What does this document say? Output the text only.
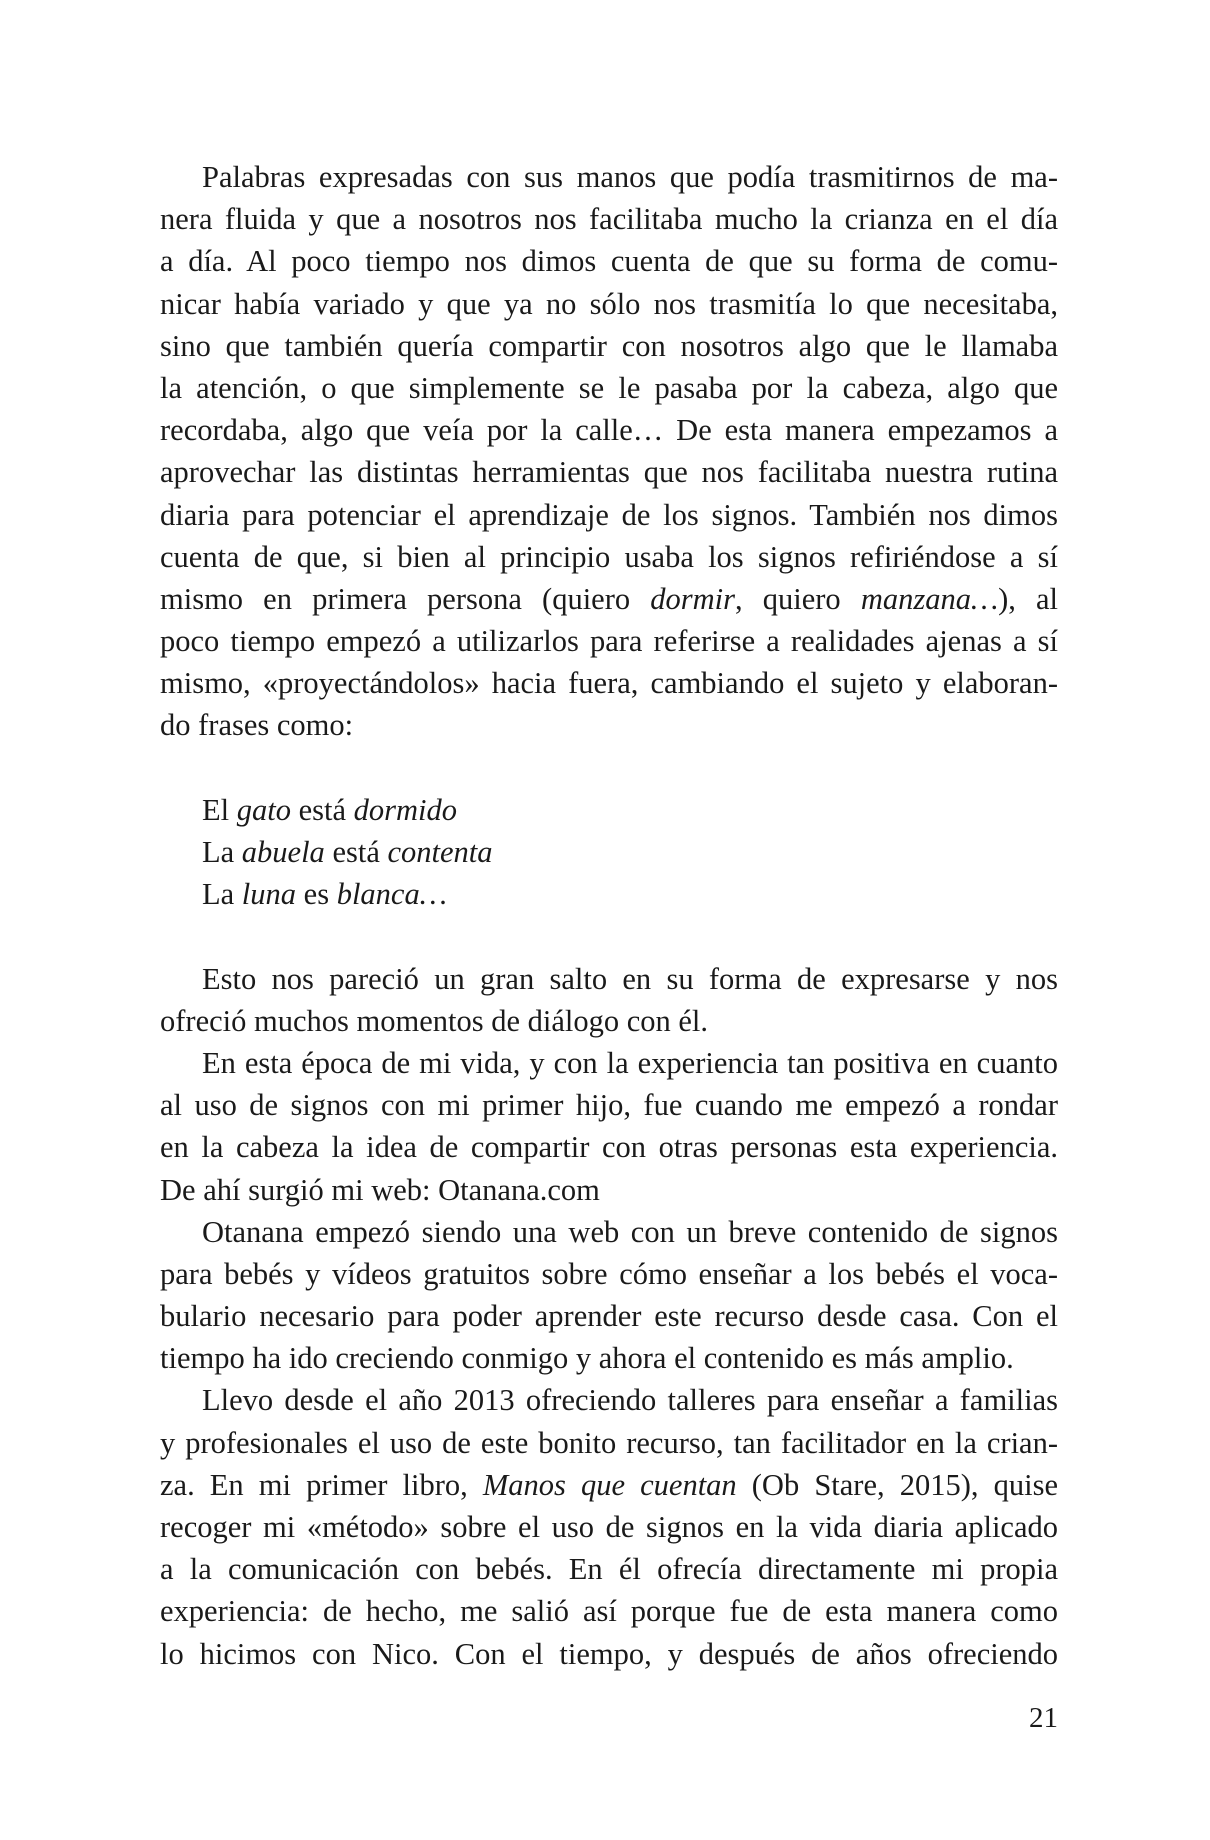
Palabras expresadas con sus manos que podía trasmitirnos de ma-
nera fluida y que a nosotros nos facilitaba mucho la crianza en el día
a día. Al poco tiempo nos dimos cuenta de que su forma de comu-
nicar había variado y que ya no sólo nos trasmitía lo que necesitaba,
sino que también quería compartir con nosotros algo que le llamaba
la atención, o que simplemente se le pasaba por la cabeza, algo que
recordaba, algo que veía por la calle… De esta manera empezamos a
aprovechar las distintas herramientas que nos facilitaba nuestra rutina
diaria para potenciar el aprendizaje de los signos. También nos dimos
cuenta de que, si bien al principio usaba los signos refiriéndose a sí
mismo en primera persona (quiero dormir, quiero manzana…), al
poco tiempo empezó a utilizarlos para referirse a realidades ajenas a sí
mismo, «proyectándolos» hacia fuera, cambiando el sujeto y elaboran-
do frases como:
El gato está dormido
La abuela está contenta
La luna es blanca…
Esto nos pareció un gran salto en su forma de expresarse y nos
ofreció muchos momentos de diálogo con él.
En esta época de mi vida, y con la experiencia tan positiva en cuanto
al uso de signos con mi primer hijo, fue cuando me empezó a rondar
en la cabeza la idea de compartir con otras personas esta experiencia.
De ahí surgió mi web: Otanana.com
Otanana empezó siendo una web con un breve contenido de signos
para bebés y vídeos gratuitos sobre cómo enseñar a los bebés el voca-
bulario necesario para poder aprender este recurso desde casa. Con el
tiempo ha ido creciendo conmigo y ahora el contenido es más amplio.
Llevo desde el año 2013 ofreciendo talleres para enseñar a familias
y profesionales el uso de este bonito recurso, tan facilitador en la crian-
za. En mi primer libro, Manos que cuentan (Ob Stare, 2015), quise
recoger mi «método» sobre el uso de signos en la vida diaria aplicado
a la comunicación con bebés. En él ofrecía directamente mi propia
experiencia: de hecho, me salió así porque fue de esta manera como
lo hicimos con Nico. Con el tiempo, y después de años ofreciendo
21
